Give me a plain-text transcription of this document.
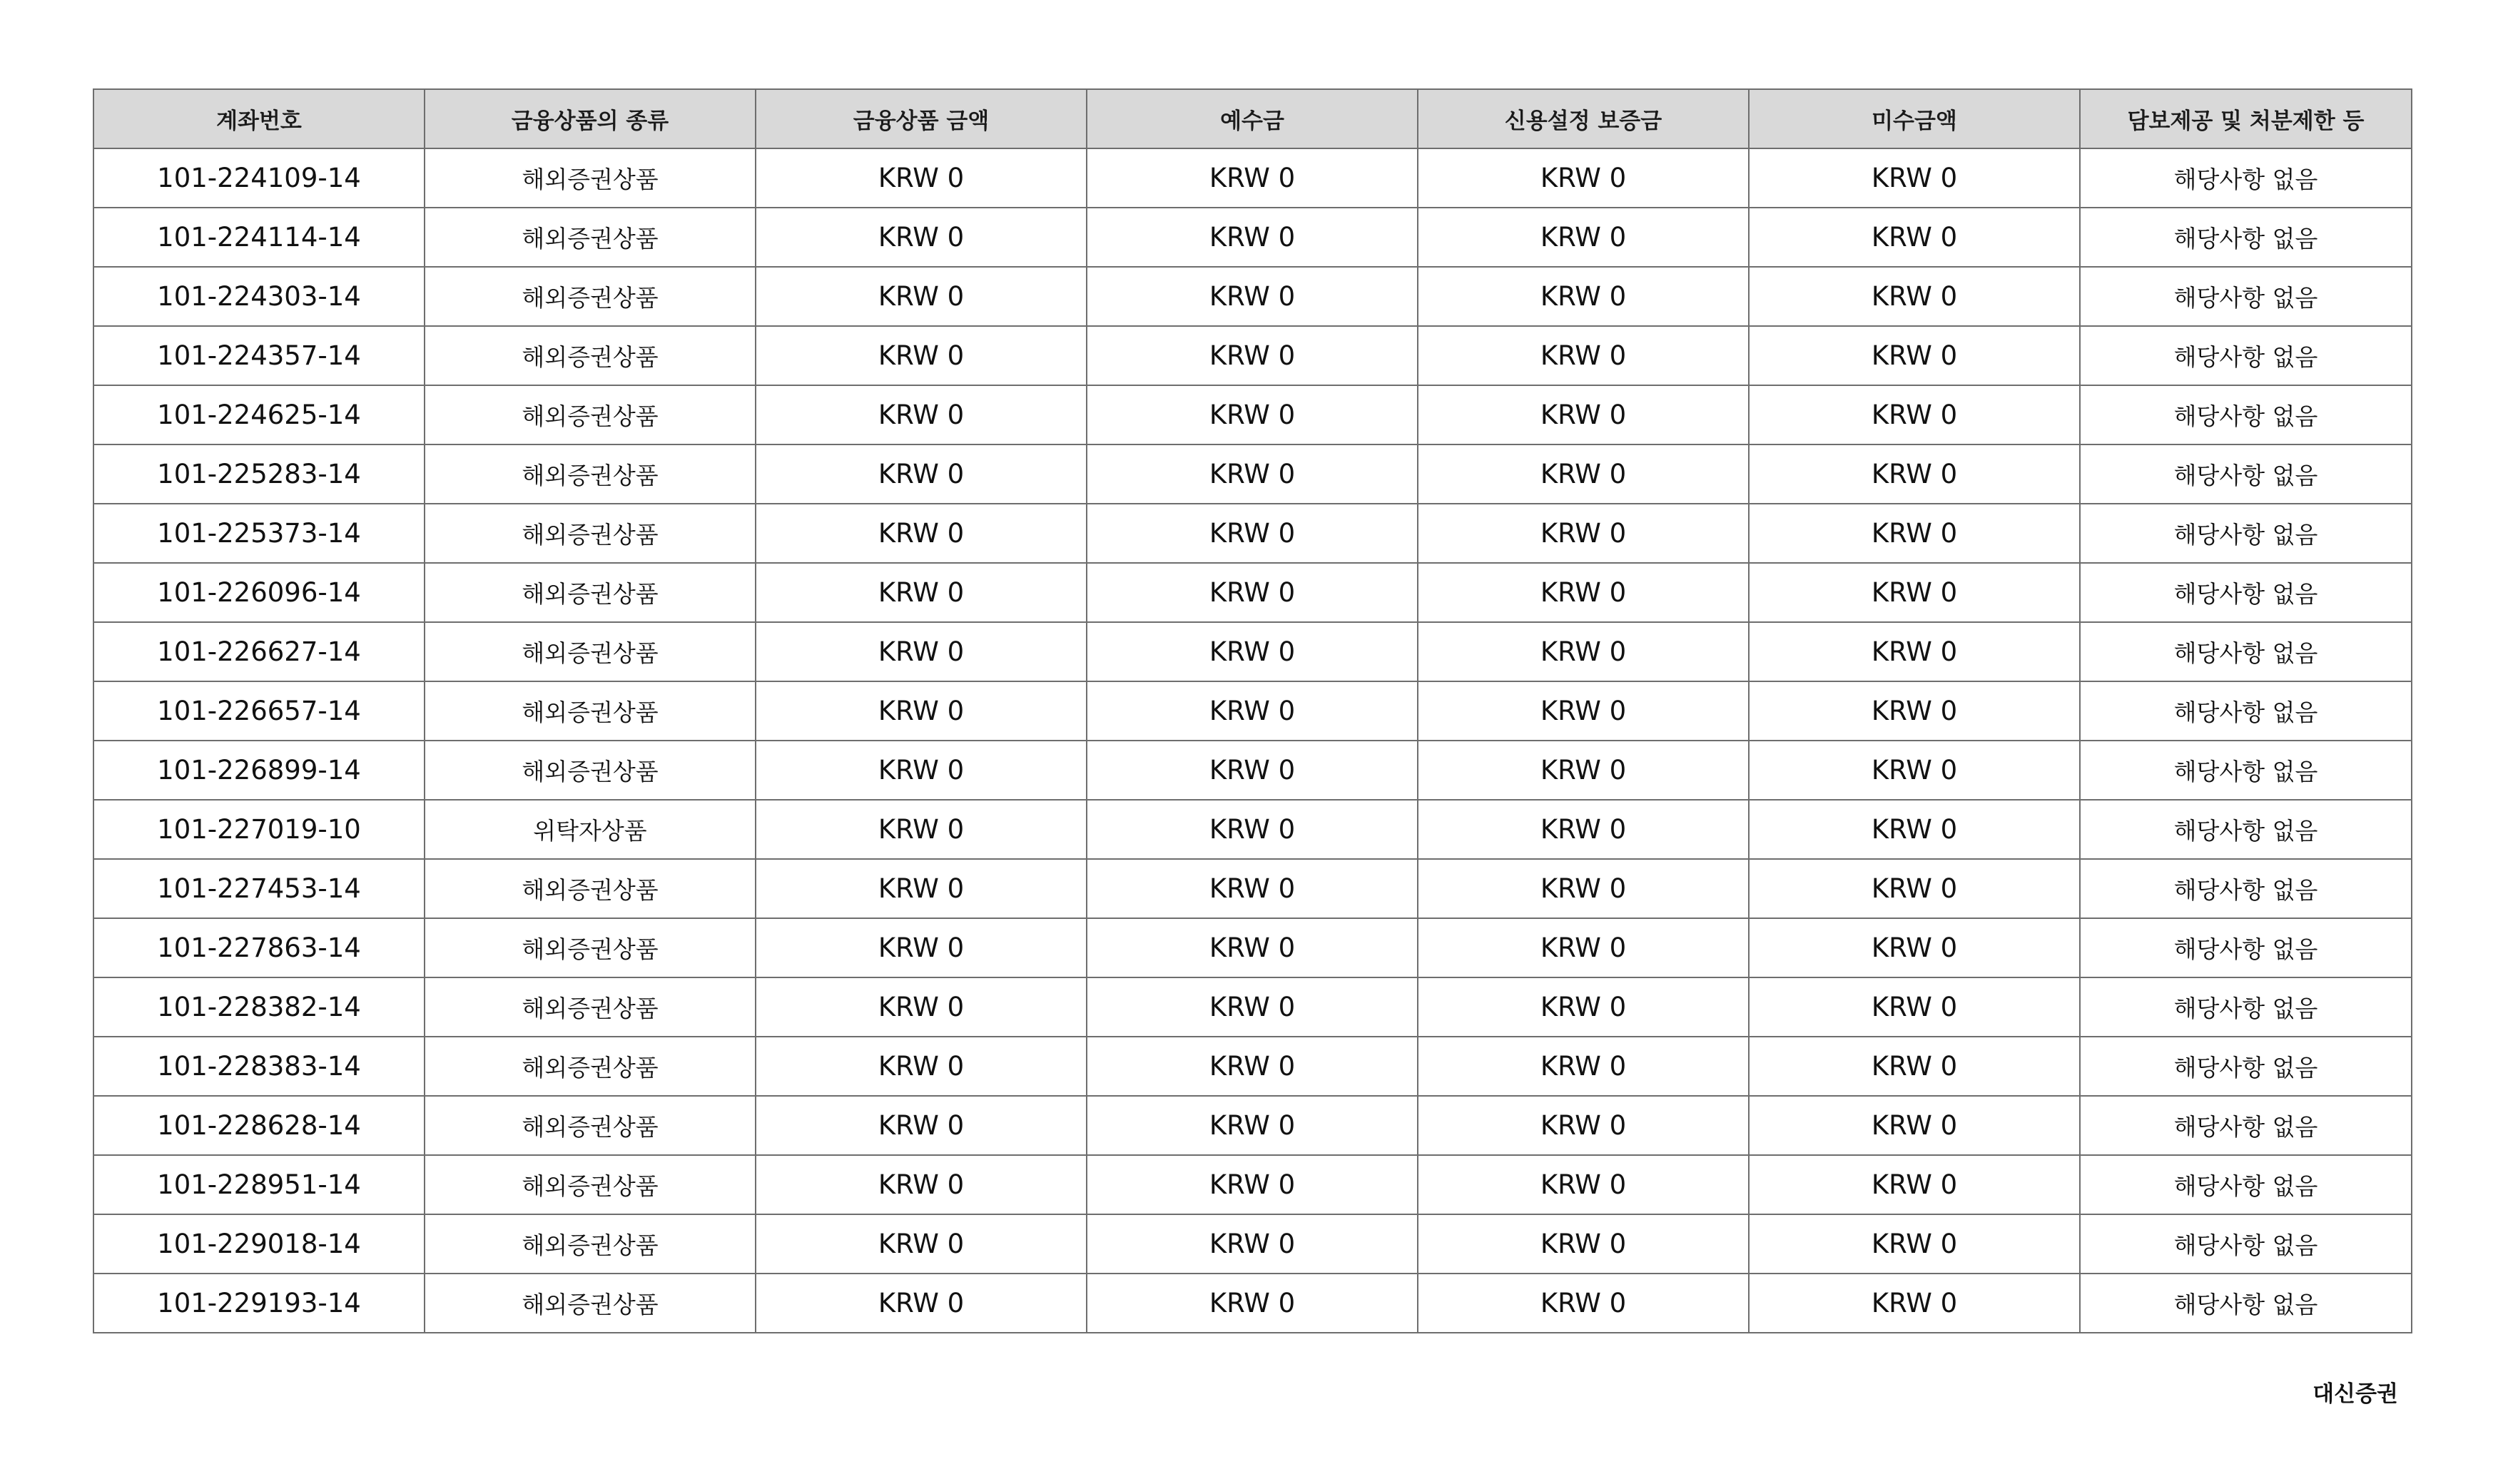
계좌번호	금융상품의 종류	금융상품 금액	예수금	신용설정 보증금	미수금액	담보제공 및 처분제한 등
101-224109-14	해외증권상품	KRW 0	KRW 0	KRW 0	KRW 0	해당사항 없음
101-224114-14	해외증권상품	KRW 0	KRW 0	KRW 0	KRW 0	해당사항 없음
101-224303-14	해외증권상품	KRW 0	KRW 0	KRW 0	KRW 0	해당사항 없음
101-224357-14	해외증권상품	KRW 0	KRW 0	KRW 0	KRW 0	해당사항 없음
101-224625-14	해외증권상품	KRW 0	KRW 0	KRW 0	KRW 0	해당사항 없음
101-225283-14	해외증권상품	KRW 0	KRW 0	KRW 0	KRW 0	해당사항 없음
101-225373-14	해외증권상품	KRW 0	KRW 0	KRW 0	KRW 0	해당사항 없음
101-226096-14	해외증권상품	KRW 0	KRW 0	KRW 0	KRW 0	해당사항 없음
101-226627-14	해외증권상품	KRW 0	KRW 0	KRW 0	KRW 0	해당사항 없음
101-226657-14	해외증권상품	KRW 0	KRW 0	KRW 0	KRW 0	해당사항 없음
101-226899-14	해외증권상품	KRW 0	KRW 0	KRW 0	KRW 0	해당사항 없음
101-227019-10	위탁자상품	KRW 0	KRW 0	KRW 0	KRW 0	해당사항 없음
101-227453-14	해외증권상품	KRW 0	KRW 0	KRW 0	KRW 0	해당사항 없음
101-227863-14	해외증권상품	KRW 0	KRW 0	KRW 0	KRW 0	해당사항 없음
101-228382-14	해외증권상품	KRW 0	KRW 0	KRW 0	KRW 0	해당사항 없음
101-228383-14	해외증권상품	KRW 0	KRW 0	KRW 0	KRW 0	해당사항 없음
101-228628-14	해외증권상품	KRW 0	KRW 0	KRW 0	KRW 0	해당사항 없음
101-228951-14	해외증권상품	KRW 0	KRW 0	KRW 0	KRW 0	해당사항 없음
101-229018-14	해외증권상품	KRW 0	KRW 0	KRW 0	KRW 0	해당사항 없음
101-229193-14	해외증권상품	KRW 0	KRW 0	KRW 0	KRW 0	해당사항 없음
대신증권
